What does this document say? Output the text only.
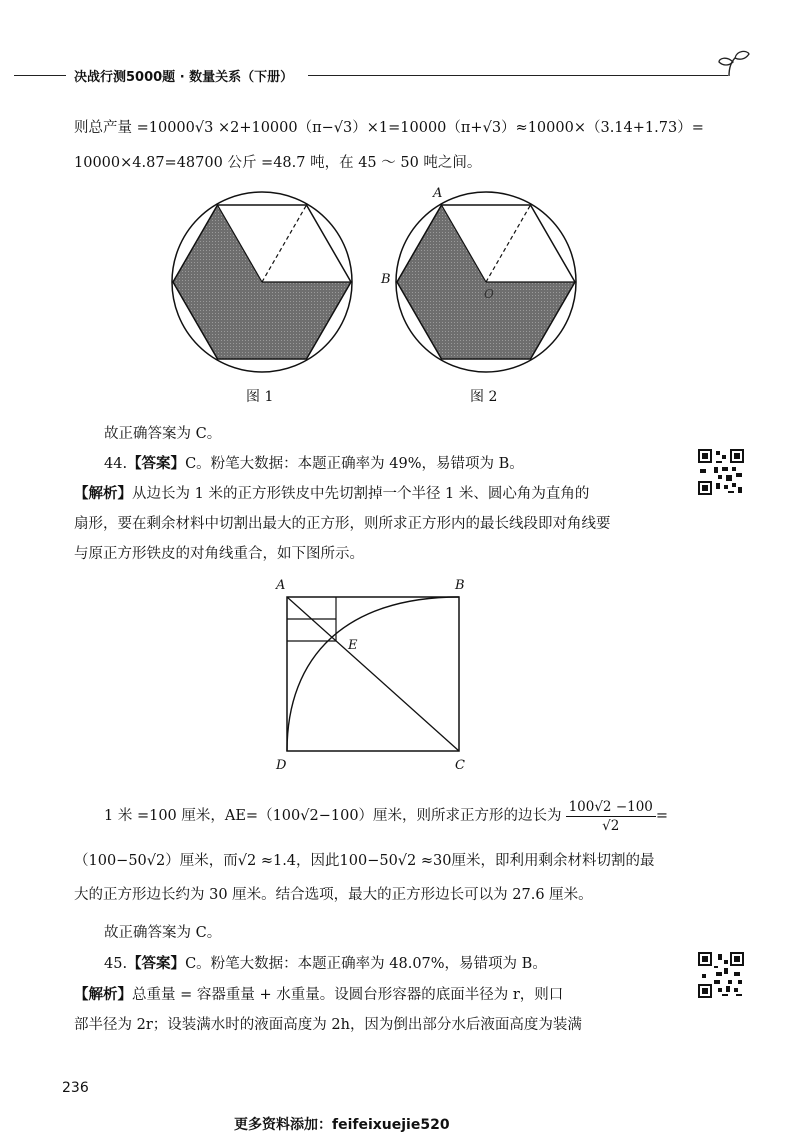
决战行测5000题 · 数量关系（下册）
则总产量 =10000√3 ×2+10000（π−√3）×1=10000（π+√3）≈10000×（3.14+1.73）=
10000×4.87=48700 公斤 =48.7 吨，在 45 ～ 50 吨之间。
图 1
A
B
O
图 2
故正确答案为 C。
44.【答案】C。粉笔大数据：本题正确率为 49%，易错项为 B。
【解析】从边长为 1 米的正方形铁皮中先切割掉一个半径 1 米、圆心角为直角的
扇形，要在剩余材料中切割出最大的正方形，则所求正方形内的最长线段即对角线要
与原正方形铁皮的对角线重合，如下图所示。
A	B
E
D	C
1 米 =100 厘米，AE=（100√2−100）厘米，则所求正方形的边长为 $\frac{100√2 -100}{√2}$ =
（100−50√2）厘米，而√2 ≈1.4，因此100−50√2 ≈30厘米，即利用剩余材料切割的最
大的正方形边长约为 30 厘米。结合选项，最大的正方形边长可以为 27.6 厘米。
故正确答案为 C。
45.【答案】C。粉笔大数据：本题正确率为 48.07%，易错项为 B。
【解析】总重量 = 容器重量 + 水重量。设圆台形容器的底面半径为 r，则口
部半径为 2r；设装满水时的液面高度为 2h，因为倒出部分水后液面高度为装满
236
更多资料添加：feifeixuejie520
